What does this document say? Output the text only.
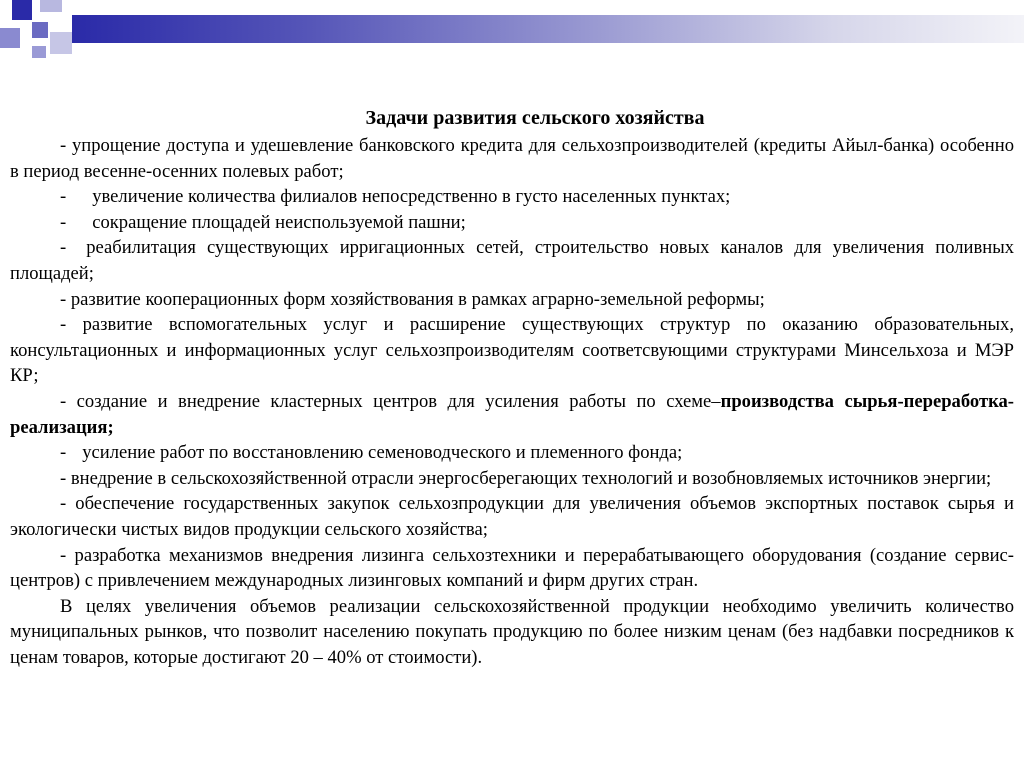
Задачи развития сельского хозяйства

- упрощение доступа и удешевление банковского кредита для сельхозпроизводителей (кредиты Айыл-банка) особенно в период весенне-осенних полевых работ;

- увеличение количества филиалов непосредственно в густо населенных пунктах;

- сокращение площадей неиспользуемой пашни;

- реабилитация существующих ирригационных сетей, строительство новых каналов для увеличения поливных площадей;

- развитие кооперационных форм хозяйствования в рамках аграрно-земельной реформы;

- развитие вспомогательных услуг и расширение существующих структур по оказанию образовательных, консультационных и информационных услуг сельхозпроизводителям соответсвующими структурами Минсельхоза и МЭР КР;

- создание и внедрение кластерных центров для усиления работы по схеме–производства сырья-переработка- реализация;

- усиление работ по восстановлению семеноводческого и племенного фонда;

- внедрение в сельскохозяйственной отрасли энергосберегающих технологий и возобновляемых источников энергии;

- обеспечение государственных закупок сельхозпродукции для увеличения объемов экспортных поставок сырья и экологически чистых видов продукции сельского хозяйства;

- разработка механизмов внедрения лизинга сельхозтехники и перерабатывающего оборудования (создание сервис-центров) с привлечением международных лизинговых компаний и фирм других стран.

В целях увеличения объемов реализации сельскохозяйственной продукции необходимо увеличить количество муниципальных рынков, что позволит населению покупать продукцию по более низким ценам (без надбавки посредников к ценам товаров, которые достигают 20 – 40% от стоимости).
